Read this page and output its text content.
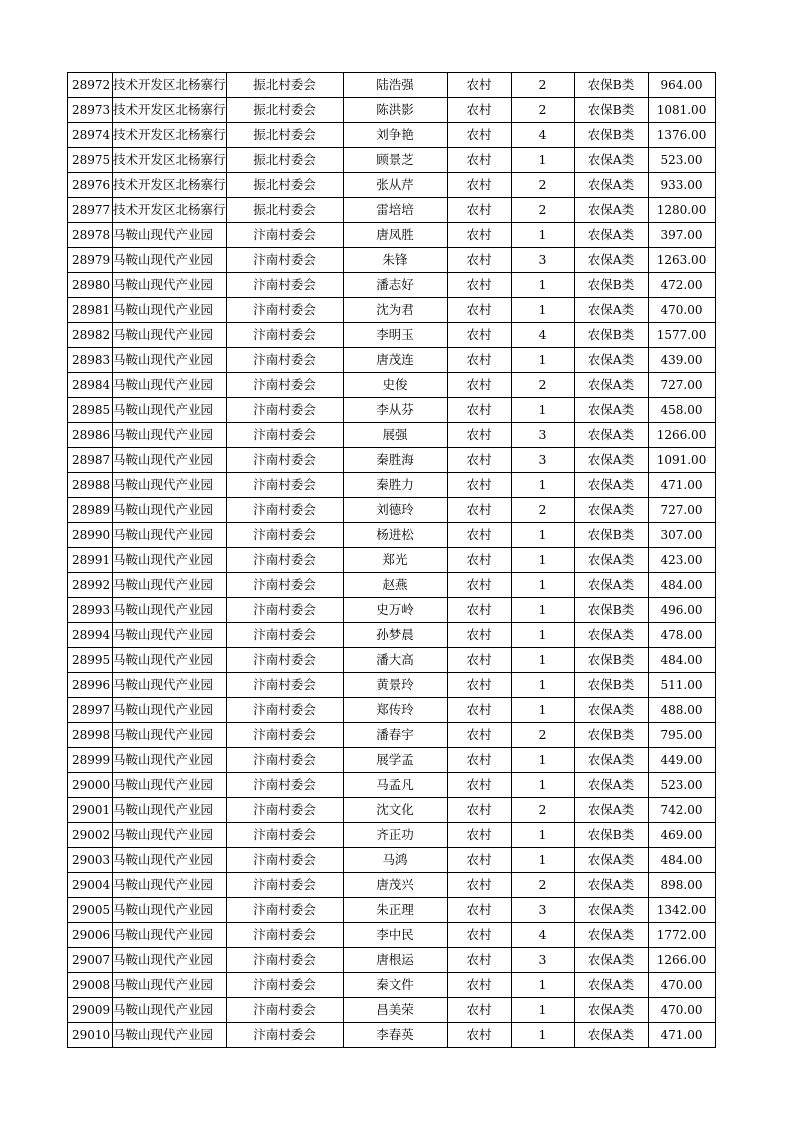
28972	技术开发区北杨寨行	振北村委会	陆浩强	农村	2	农保B类	964.00
28973	技术开发区北杨寨行	振北村委会	陈洪影	农村	2	农保B类	1081.00
28974	技术开发区北杨寨行	振北村委会	刘争艳	农村	4	农保B类	1376.00
28975	技术开发区北杨寨行	振北村委会	顾景芝	农村	1	农保A类	523.00
28976	技术开发区北杨寨行	振北村委会	张从芹	农村	2	农保A类	933.00
28977	技术开发区北杨寨行	振北村委会	雷培培	农村	2	农保A类	1280.00
28978	马鞍山现代产业园	汴南村委会	唐凤胜	农村	1	农保A类	397.00
28979	马鞍山现代产业园	汴南村委会	朱锋	农村	3	农保A类	1263.00
28980	马鞍山现代产业园	汴南村委会	潘志好	农村	1	农保B类	472.00
28981	马鞍山现代产业园	汴南村委会	沈为君	农村	1	农保A类	470.00
28982	马鞍山现代产业园	汴南村委会	李明玉	农村	4	农保B类	1577.00
28983	马鞍山现代产业园	汴南村委会	唐茂连	农村	1	农保A类	439.00
28984	马鞍山现代产业园	汴南村委会	史俊	农村	2	农保A类	727.00
28985	马鞍山现代产业园	汴南村委会	李从芬	农村	1	农保A类	458.00
28986	马鞍山现代产业园	汴南村委会	展强	农村	3	农保A类	1266.00
28987	马鞍山现代产业园	汴南村委会	秦胜海	农村	3	农保A类	1091.00
28988	马鞍山现代产业园	汴南村委会	秦胜力	农村	1	农保A类	471.00
28989	马鞍山现代产业园	汴南村委会	刘德玲	农村	2	农保A类	727.00
28990	马鞍山现代产业园	汴南村委会	杨进松	农村	1	农保B类	307.00
28991	马鞍山现代产业园	汴南村委会	郑光	农村	1	农保A类	423.00
28992	马鞍山现代产业园	汴南村委会	赵燕	农村	1	农保A类	484.00
28993	马鞍山现代产业园	汴南村委会	史万岭	农村	1	农保B类	496.00
28994	马鞍山现代产业园	汴南村委会	孙梦晨	农村	1	农保A类	478.00
28995	马鞍山现代产业园	汴南村委会	潘大高	农村	1	农保B类	484.00
28996	马鞍山现代产业园	汴南村委会	黄景玲	农村	1	农保B类	511.00
28997	马鞍山现代产业园	汴南村委会	郑传玲	农村	1	农保A类	488.00
28998	马鞍山现代产业园	汴南村委会	潘春宇	农村	2	农保B类	795.00
28999	马鞍山现代产业园	汴南村委会	展学孟	农村	1	农保A类	449.00
29000	马鞍山现代产业园	汴南村委会	马孟凡	农村	1	农保A类	523.00
29001	马鞍山现代产业园	汴南村委会	沈文化	农村	2	农保A类	742.00
29002	马鞍山现代产业园	汴南村委会	齐正功	农村	1	农保B类	469.00
29003	马鞍山现代产业园	汴南村委会	马鸿	农村	1	农保A类	484.00
29004	马鞍山现代产业园	汴南村委会	唐茂兴	农村	2	农保A类	898.00
29005	马鞍山现代产业园	汴南村委会	朱正理	农村	3	农保A类	1342.00
29006	马鞍山现代产业园	汴南村委会	李中民	农村	4	农保A类	1772.00
29007	马鞍山现代产业园	汴南村委会	唐根运	农村	3	农保A类	1266.00
29008	马鞍山现代产业园	汴南村委会	秦文件	农村	1	农保A类	470.00
29009	马鞍山现代产业园	汴南村委会	昌美荣	农村	1	农保A类	470.00
29010	马鞍山现代产业园	汴南村委会	李春英	农村	1	农保A类	471.00
